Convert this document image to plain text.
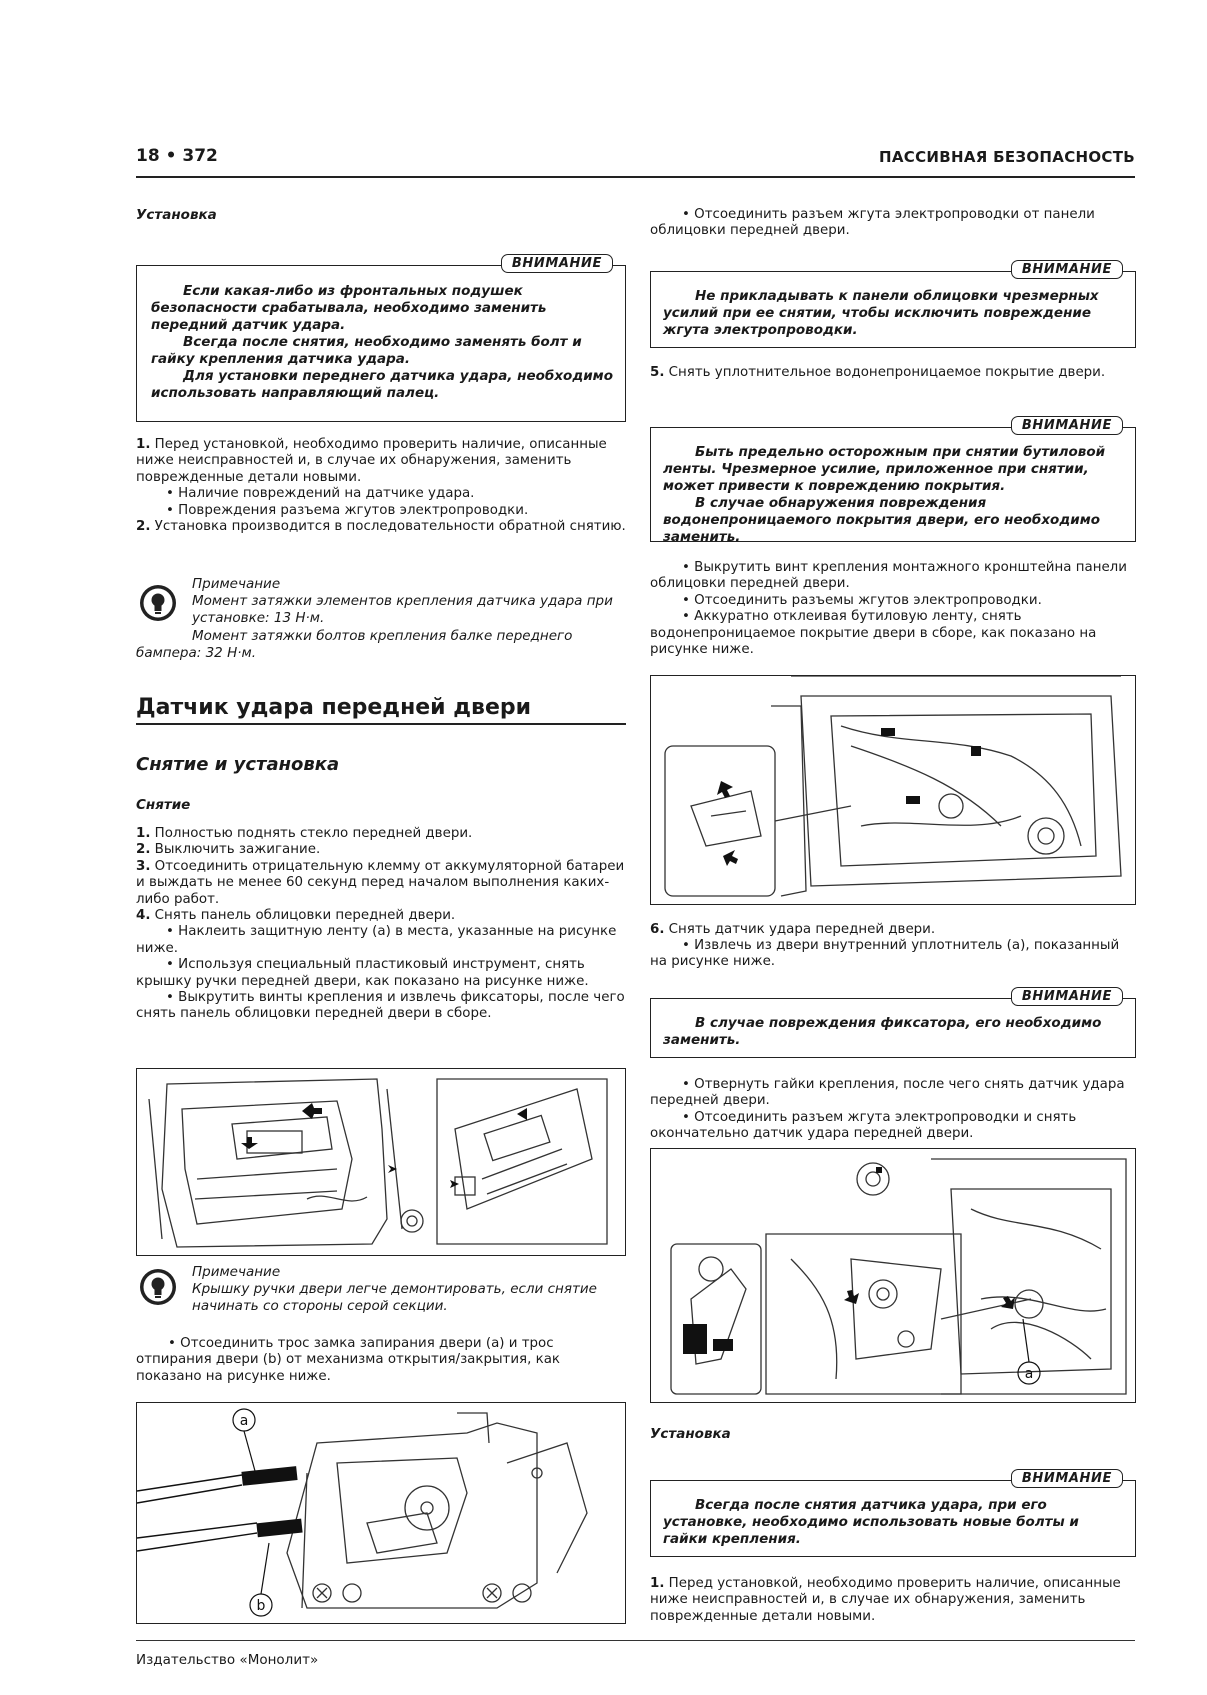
18 • 372	ПАССИВНАЯ БЕЗОПАСНОСТЬ
Установка
ВНИМАНИЕ

Если какая-либо из фронтальных подушек безопасности срабатывала, необходимо заменить передний датчик удара.

Всегда после снятия, необходимо заменять болт и гайку крепления датчика удара.

Для установки переднего датчика удара, необходимо использовать направляющий палец.

1. Перед установкой, необходимо проверить наличие, описанные ниже неисправностей и, в случае их обнаружения, заменить поврежденные детали новыми.

• Наличие повреждений на датчике удара.

• Повреждения разъема жгутов электропроводки.

2. Установка производится в последовательности обратной снятию.

Примечание
Момент затяжки элементов крепления датчика удара при установке: 13 Н·м.
Момент затяжки болтов крепления балке переднего бампера: 32 Н·м.
Датчик удара передней двери
Снятие и установка
Снятие

1. Полностью поднять стекло передней двери.

2. Выключить зажигание.

3. Отсоединить отрицательную клемму от аккумуляторной батареи и выждать не менее 60 секунд перед началом выполнения каких-либо работ.

4. Снять панель облицовки передней двери.

• Наклеить защитную ленту (а) в места, указанные на рисунке ниже.

• Используя специальный пластиковый инструмент, снять крышку ручки передней двери, как показано на рисунке ниже.

• Выкрутить винты крепления и извлечь фиксаторы, после чего снять панель облицовки передней двери в сборе.

Примечание
Крышку ручки двери легче демонтировать, если снятие начинать со стороны серой секции.
• Отсоединить трос замка запирания двери (a) и трос отпирания двери (b) от механизма открытия/закрытия, как показано на рисунке ниже.
a
b
• Отсоединить разъем жгута электропроводки от панели облицовки передней двери.
ВНИМАНИЕ

Не прикладывать к панели облицовки чрезмерных усилий при ее снятии, чтобы исключить повреждение жгута электропроводки.

5. Снять уплотнительное водонепроницаемое покрытие двери.
ВНИМАНИЕ

Быть предельно осторожным при снятии бутиловой ленты. Чрезмерное усилие, приложенное при снятии, может привести к повреждению покрытия.

В случае обнаружения повреждения водонепроницаемого покрытия двери, его необходимо заменить.

• Выкрутить винт крепления монтажного кронштейна панели облицовки передней двери.

• Отсоединить разъемы жгутов электропроводки.

• Аккуратно отклеивая бутиловую ленту, снять водонепроницаемое покрытие двери в сборе, как показано на рисунке ниже.

6. Снять датчик удара передней двери.
• Извлечь из двери внутренний уплотнитель (а), показанный на рисунке ниже.
ВНИМАНИЕ

В случае повреждения фиксатора, его необходимо заменить.

• Отвернуть гайки крепления, после чего снять датчик удара передней двери.

• Отсоединить разъем жгута электропроводки и снять окончательно датчик удара передней двери.

a
Установка
ВНИМАНИЕ

Всегда после снятия датчика удара, при его установке, необходимо использовать новые болты и гайки крепления.

1. Перед установкой, необходимо проверить наличие, описанные ниже неисправностей и, в случае их обнаружения, заменить поврежденные детали новыми.
Издательство «Монолит»
